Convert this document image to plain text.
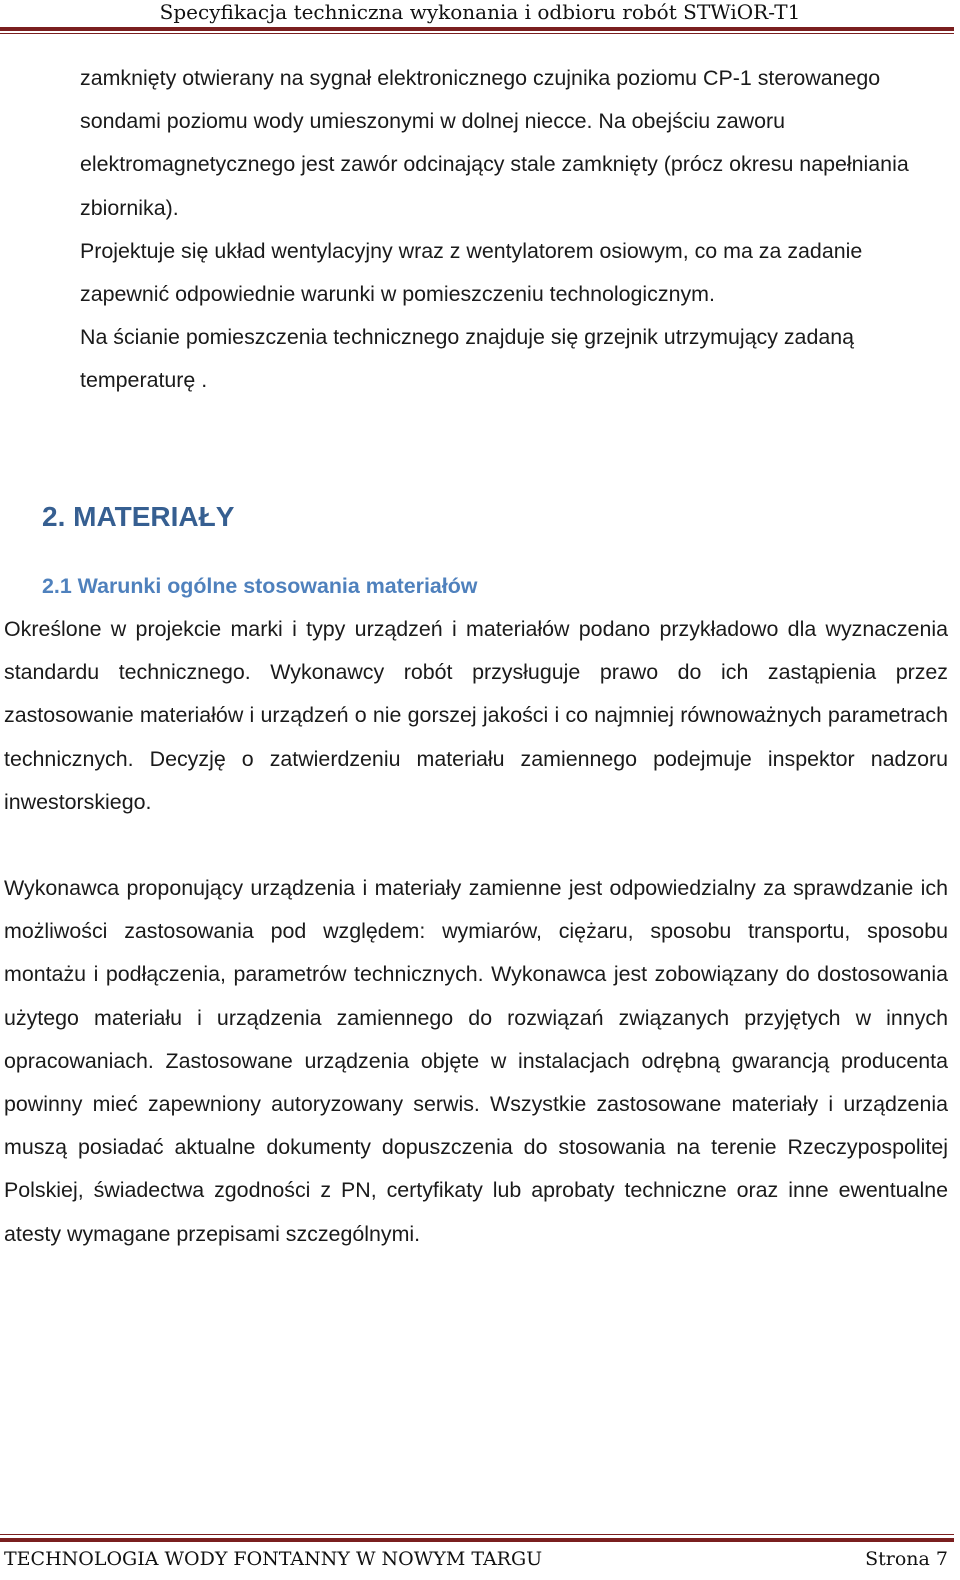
Specyfikacja techniczna wykonania i odbioru robót STWiOR-T1

zamknięty otwierany na sygnał elektronicznego czujnika poziomu CP-1 sterowanego sondami poziomu wody umieszonymi w dolnej niecce. Na obejściu zaworu elektromagnetycznego jest zawór odcinający stale zamknięty (prócz okresu napełniania zbiornika).

Projektuje się układ wentylacyjny wraz z wentylatorem osiowym, co ma za zadanie zapewnić odpowiednie warunki w pomieszczeniu technologicznym.

Na ścianie pomieszczenia technicznego znajduje się grzejnik utrzymujący zadaną temperaturę .

2. MATERIAŁY
2.1 Warunki ogólne stosowania materiałów

Określone w projekcie marki i typy urządzeń i materiałów podano przykładowo dla wyznaczenia standardu technicznego. Wykonawcy robót przysługuje prawo do ich zastąpienia przez zastosowanie materiałów i urządzeń o nie gorszej jakości i co najmniej równoważnych parametrach technicznych. Decyzję o zatwierdzeniu materiału zamiennego podejmuje inspektor nadzoru inwestorskiego.

Wykonawca proponujący urządzenia i materiały zamienne jest odpowiedzialny za sprawdzanie ich możliwości zastosowania pod względem: wymiarów, ciężaru, sposobu transportu, sposobu montażu i podłączenia, parametrów technicznych. Wykonawca jest zobowiązany do dostosowania użytego materiału i urządzenia zamiennego do rozwiązań związanych przyjętych w innych opracowaniach. Zastosowane urządzenia objęte w instalacjach odrębną gwarancją producenta powinny mieć zapewniony autoryzowany serwis. Wszystkie zastosowane materiały i urządzenia muszą posiadać aktualne dokumenty dopuszczenia do stosowania na terenie Rzeczypospolitej Polskiej, świadectwa zgodności z PN, certyfikaty lub aprobaty techniczne oraz inne ewentualne atesty wymagane przepisami szczególnymi.

TECHNOLOGIA WODY FONTANNY W NOWYM TARGU	Strona 7
